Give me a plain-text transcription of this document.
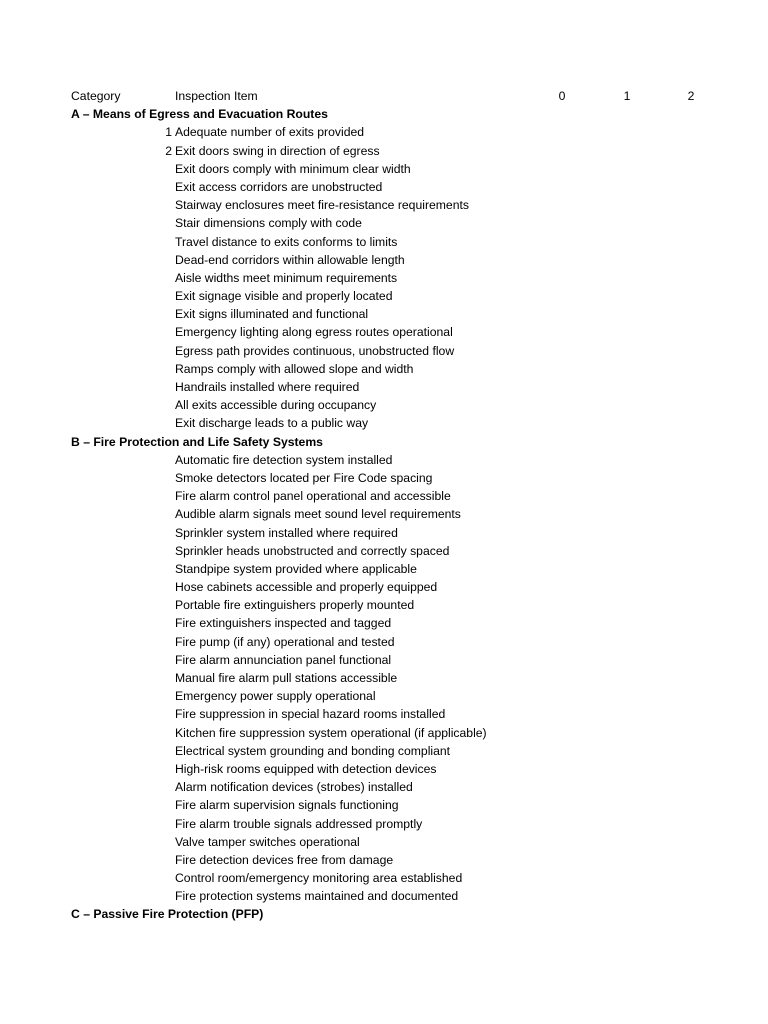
Category	Inspection Item	0	1	2
A – Means of Egress and Evacuation Routes
1 Adequate number of exits provided
2 Exit doors swing in direction of egress
Exit doors comply with minimum clear width
Exit access corridors are unobstructed
Stairway enclosures meet fire-resistance requirements
Stair dimensions comply with code
Travel distance to exits conforms to limits
Dead-end corridors within allowable length
Aisle widths meet minimum requirements
Exit signage visible and properly located
Exit signs illuminated and functional
Emergency lighting along egress routes operational
Egress path provides continuous, unobstructed flow
Ramps comply with allowed slope and width
Handrails installed where required
All exits accessible during occupancy
Exit discharge leads to a public way
B – Fire Protection and Life Safety Systems
Automatic fire detection system installed
Smoke detectors located per Fire Code spacing
Fire alarm control panel operational and accessible
Audible alarm signals meet sound level requirements
Sprinkler system installed where required
Sprinkler heads unobstructed and correctly spaced
Standpipe system provided where applicable
Hose cabinets accessible and properly equipped
Portable fire extinguishers properly mounted
Fire extinguishers inspected and tagged
Fire pump (if any) operational and tested
Fire alarm annunciation panel functional
Manual fire alarm pull stations accessible
Emergency power supply operational
Fire suppression in special hazard rooms installed
Kitchen fire suppression system operational (if applicable)
Electrical system grounding and bonding compliant
High-risk rooms equipped with detection devices
Alarm notification devices (strobes) installed
Fire alarm supervision signals functioning
Fire alarm trouble signals addressed promptly
Valve tamper switches operational
Fire detection devices free from damage
Control room/emergency monitoring area established
Fire protection systems maintained and documented
C – Passive Fire Protection (PFP)
